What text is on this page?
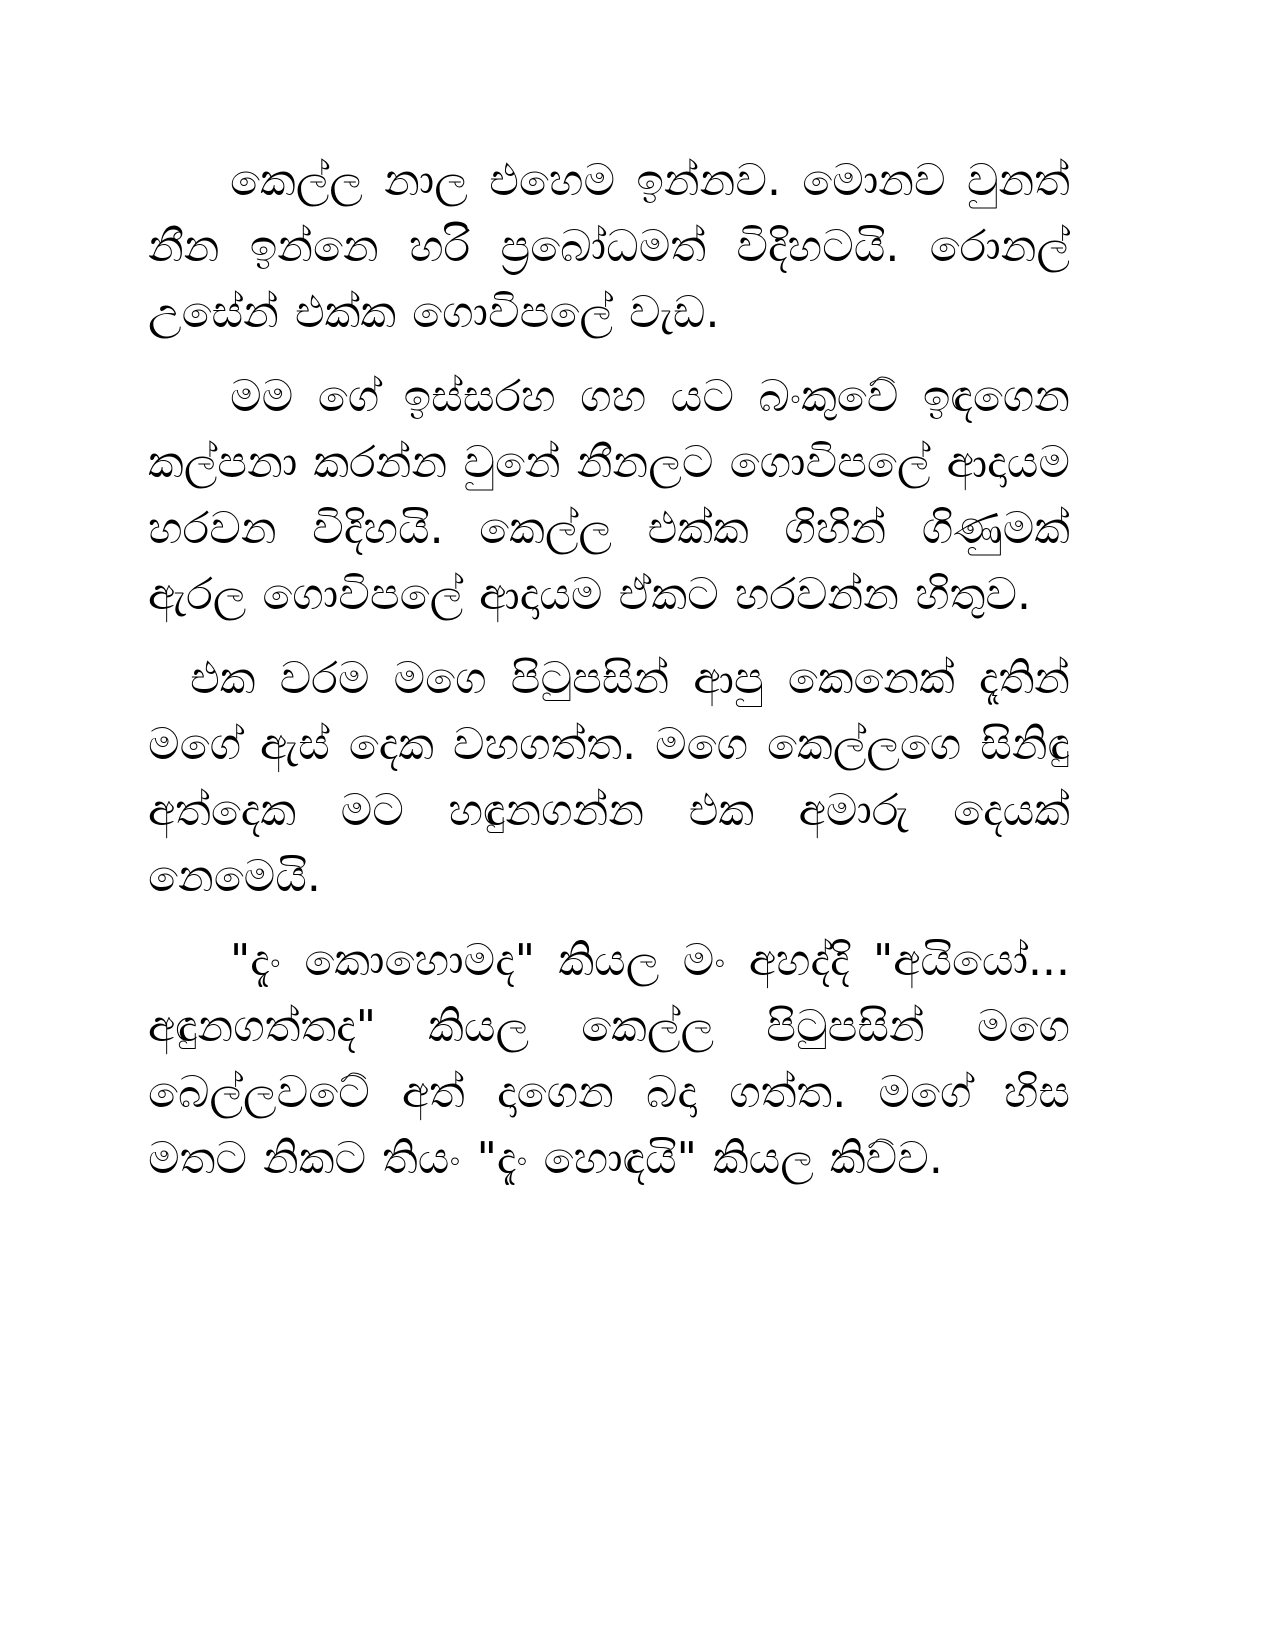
කෙල්ල නාල එහෙම ඉන්නව. මොනව වුනත් නීන ඉන්නෙ හරි ප්‍රබෝධමත් විදිහටයි. රොනල් උසේන් එක්ක ගොවිපලේ වැඩ.

මම ගේ ඉස්සරහ ගහ යට බංකුවේ ඉඳගෙන කල්පනා කරන්න වුනේ නීනලට ගොවිපලේ ආදායම හරවන විදිහයි. කෙල්ල එක්ක ගිහින් ගිණුමක් ඇරල ගොවිපලේ ආදායම ඒකට හරවන්න හිතුව.

එක වරම මගෙ පිටුපසින් ආපු කෙනෙක් දෑතින් මගේ ඇස් දෙක වහගත්ත. මගෙ කෙල්ලගෙ සිනිඳු අත්දෙක මට හඳුනගන්න එක අමාරු දෙයක් නෙමෙයි.

"දැං කොහොමද" කියල මං අහද්දි "අයියෝ... අඳුනගත්තද" කියල කෙල්ල පිටුපසින් මගෙ බෙල්ලවටේ අත් දාගෙන බදා ගත්ත. මගේ හිස මතට නිකට තියං "දැං හොඳයි" කියල කිව්ව.
